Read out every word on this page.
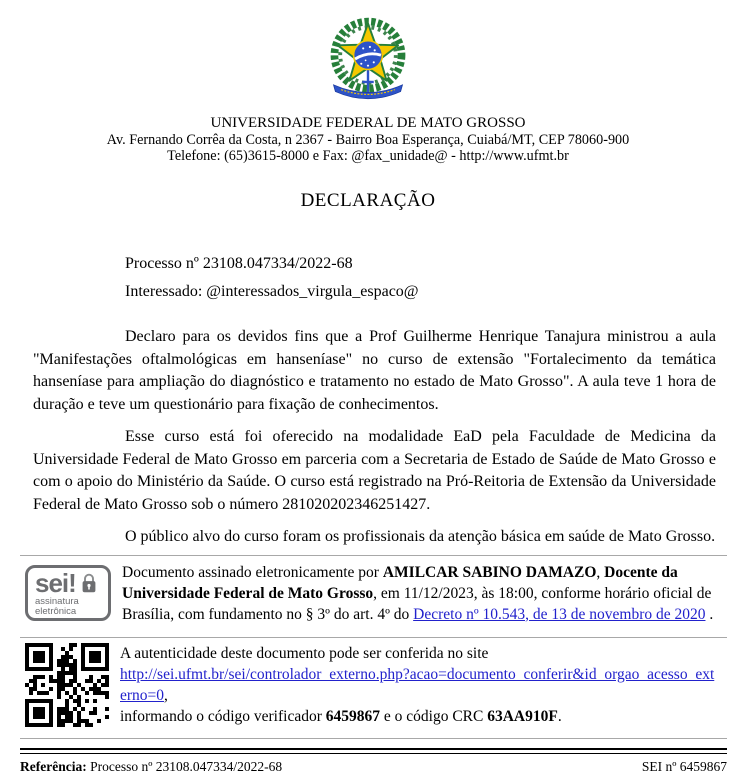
UNIVERSIDADE FEDERAL DE MATO GROSSO
Av. Fernando Corrêa da Costa, n 2367 - Bairro Boa Esperança, Cuiabá/MT, CEP 78060-900
Telefone: (65)3615-8000 e Fax: @fax_unidade@ - http://www.ufmt.br
DECLARAÇÃO
Processo nº 23108.047334/2022-68
Interessado: @interessados_virgula_espaco@

Declaro para os devidos fins que a Prof Guilherme Henrique Tanajura ministrou a aula "Manifestações oftalmológicas em hanseníase" no curso de extensão "Fortalecimento da temática hanseníase para ampliação do diagnóstico e tratamento no estado de Mato Grosso". A aula teve 1 hora de duração e teve um questionário para fixação de conhecimentos.

Esse curso está foi oferecido na modalidade EaD pela Faculdade de Medicina da Universidade Federal de Mato Grosso em parceria com a Secretaria de Estado de Saúde de Mato Grosso e com o apoio do Ministério da Saúde. O curso está registrado na Pró-Reitoria de Extensão da Universidade Federal de Mato Grosso sob o número 281020202346251427.

O público alvo do curso foram os profissionais da atenção básica em saúde de Mato Grosso.

sei!
assinatura
eletrônica
Documento assinado eletronicamente por AMILCAR SABINO DAMAZO, Docente da Universidade Federal de Mato Grosso, em 11/12/2023, às 18:00, conforme horário oficial de Brasília, com fundamento no § 3º do art. 4º do Decreto nº 10.543, de 13 de novembro de 2020 .
A autenticidade deste documento pode ser conferida no site
http://sei.ufmt.br/sei/controlador_externo.php?acao=documento_conferir&id_orgao_acesso_externo=0,
informando o código verificador 6459867 e o código CRC 63AA910F.
Referência: Processo nº 23108.047334/2022-68	SEI nº 6459867
